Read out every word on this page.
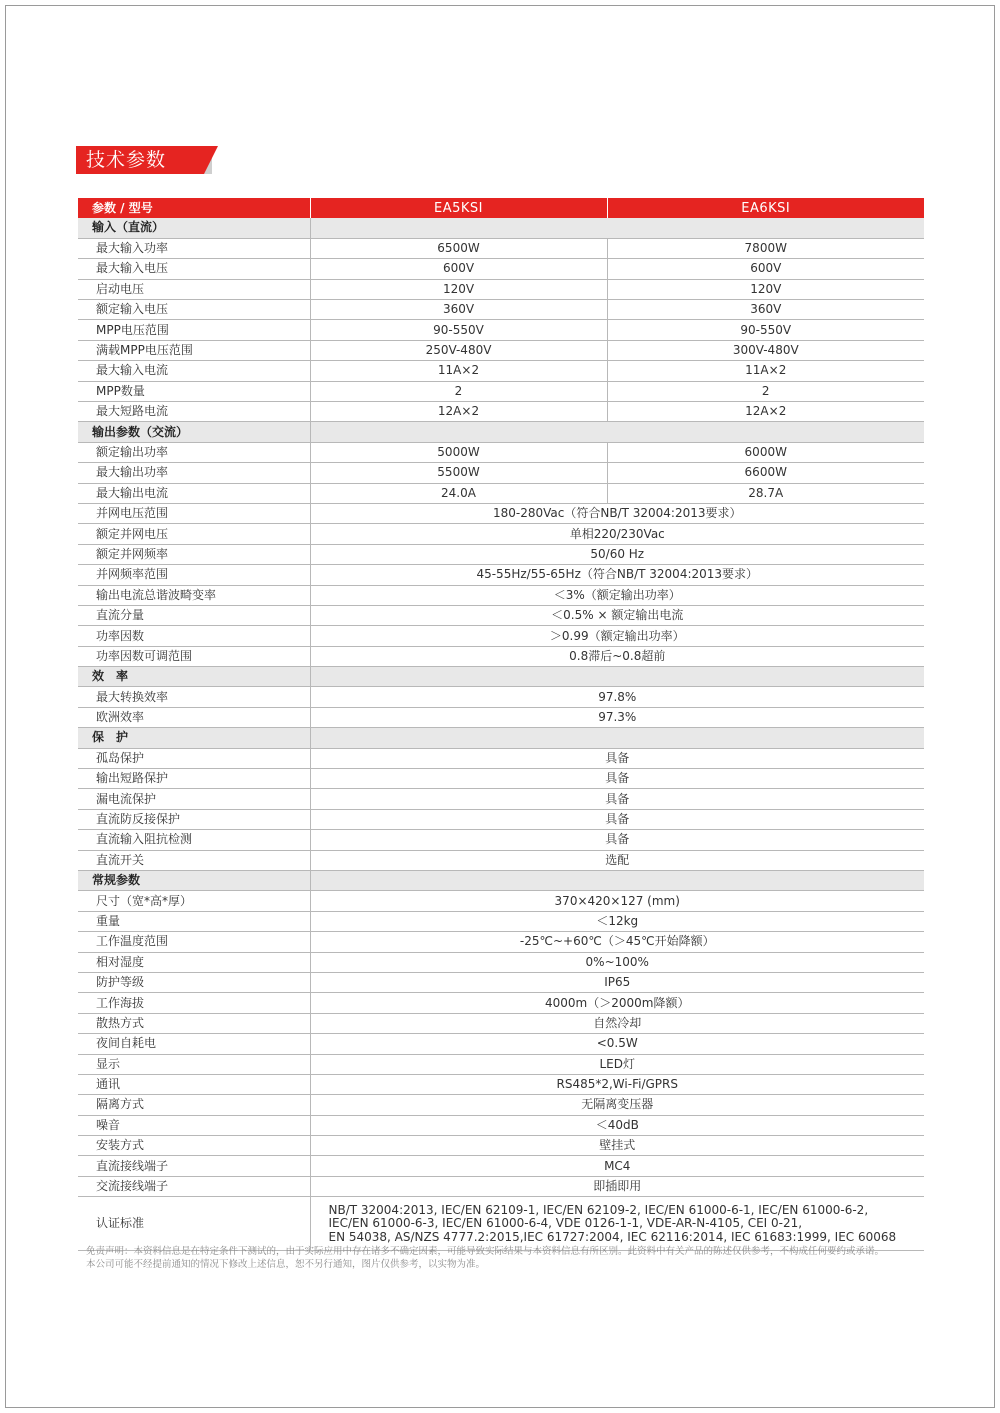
技术参数
参数 / 型号	EA5KSI	EA6KSI
输入（直流）		
最大输入功率	6500W	7800W
最大输入电压	600V	600V
启动电压	120V	120V
额定输入电压	360V	360V
MPP电压范围	90-550V	90-550V
满载MPP电压范围	250V-480V	300V-480V
最大输入电流	11A×2	11A×2
MPP数量	2	2
最大短路电流	12A×2	12A×2
输出参数（交流）		
额定输出功率	5000W	6000W
最大输出功率	5500W	6600W
最大输出电流	24.0A	28.7A
并网电压范围	180-280Vac（符合NB/T 32004:2013要求）	
额定并网电压	单相220/230Vac	
额定并网频率	50/60 Hz	
并网频率范围	45-55Hz/55-65Hz（符合NB/T 32004:2013要求）	
输出电流总谐波畸变率	＜3%（额定输出功率）	
直流分量	＜0.5% × 额定输出电流	
功率因数	＞0.99（额定输出功率）	
功率因数可调范围	0.8滞后~0.8超前	
效　率		
最大转换效率	97.8%	
欧洲效率	97.3%	
保　护		
孤岛保护	具备	
输出短路保护	具备	
漏电流保护	具备	
直流防反接保护	具备	
直流输入阻抗检测	具备	
直流开关	选配	
常规参数		
尺寸（宽*高*厚）	370×420×127 (mm)	
重量	＜12kg	
工作温度范围	-25℃~+60℃（＞45℃开始降额）	
相对湿度	0%~100%	
防护等级	IP65	
工作海拔	4000m（＞2000m降额）	
散热方式	自然冷却	
夜间自耗电	<0.5W	
显示	LED灯	
通讯	RS485*2,Wi-Fi/GPRS	
隔离方式	无隔离变压器	
噪音	＜40dB	
安装方式	壁挂式	
直流接线端子	MC4	
交流接线端子	即插即用	
认证标准	NB/T 32004:2013, IEC/EN 62109-1, IEC/EN 62109-2, IEC/EN 61000-6-1, IEC/EN 61000-6-2,
IEC/EN 61000-6-3, IEC/EN 61000-6-4, VDE 0126-1-1, VDE-AR-N-4105, CEI 0-21,
EN 54038, AS/NZS 4777.2:2015,IEC 61727:2004, IEC 62116:2014, IEC 61683:1999, IEC 60068	
免责声明：本资料信息是在特定条件下测试的，由于实际应用中存在诸多不确定因素，可能导致实际结果与本资料信息有所区别。此资料中有关产品的陈述仅供参考，不构成任何要约或承诺。
本公司可能不经提前通知的情况下修改上述信息，恕不另行通知，图片仅供参考，以实物为准。
